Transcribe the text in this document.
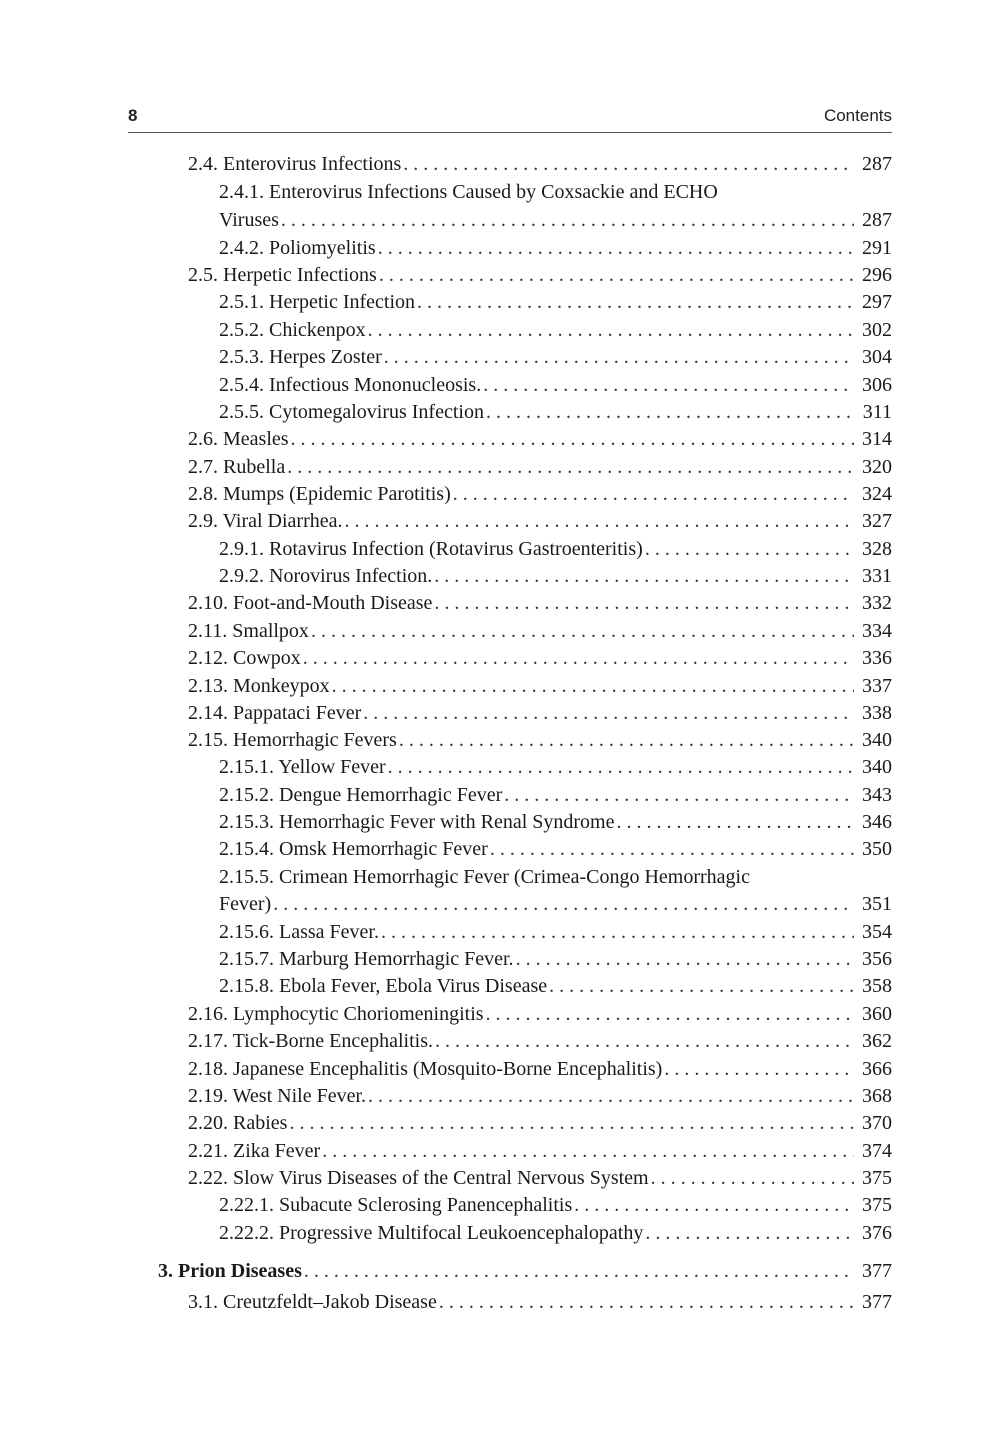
8	Contents
2.4. Enterovirus Infections . . .	287
2.4.1. Enterovirus Infections Caused by Coxsackie and ECHO
Viruses . . .	287
2.4.2. Poliomyelitis . . .	291
2.5. Herpetic Infections . . .	296
2.5.1. Herpetic Infection . . .	297
2.5.2. Chickenpox . . .	302
2.5.3. Herpes Zoster . . .	304
2.5.4. Infectious Mononucleosis. . . .	306
2.5.5. Cytomegalovirus Infection . . .	311
2.6. Measles . . .	314
2.7. Rubella . . .	320
2.8. Mumps (Epidemic Parotitis) . . .	324
2.9. Viral Diarrhea. . . .	327
2.9.1. Rotavirus Infection (Rotavirus Gastroenteritis) . . .	328
2.9.2. Norovirus Infection. . . .	331
2.10. Foot-and-Mouth Disease . . .	332
2.11. Smallpox . . .	334
2.12. Cowpox . . .	336
2.13. Monkeypox . . .	337
2.14. Pappataci Fever . . .	338
2.15. Hemorrhagic Fevers . . .	340
2.15.1. Yellow Fever . . .	340
2.15.2. Dengue Hemorrhagic Fever . . .	343
2.15.3. Hemorrhagic Fever with Renal Syndrome . . .	346
2.15.4. Omsk Hemorrhagic Fever . . .	350
2.15.5. Crimean Hemorrhagic Fever (Crimea-Congo Hemorrhagic
Fever) . . .	351
2.15.6. Lassa Fever. . . .	354
2.15.7. Marburg Hemorrhagic Fever. . . .	356
2.15.8. Ebola Fever, Ebola Virus Disease . . .	358
2.16. Lymphocytic Choriomeningitis . . .	360
2.17. Tick-Borne Encephalitis. . . .	362
2.18. Japanese Encephalitis (Mosquito-Borne Encephalitis) . . .	366
2.19. West Nile Fever. . . .	368
2.20. Rabies . . .	370
2.21. Zika Fever . . .	374
2.22. Slow Virus Diseases of the Central Nervous System . . .	375
2.22.1. Subacute Sclerosing Panencephalitis . . .	375
2.22.2. Progressive Multifocal Leukoencephalopathy . . .	376
3. Prion Diseases . . .	377
3.1. Creutzfeldt–Jakob Disease . . .	377
